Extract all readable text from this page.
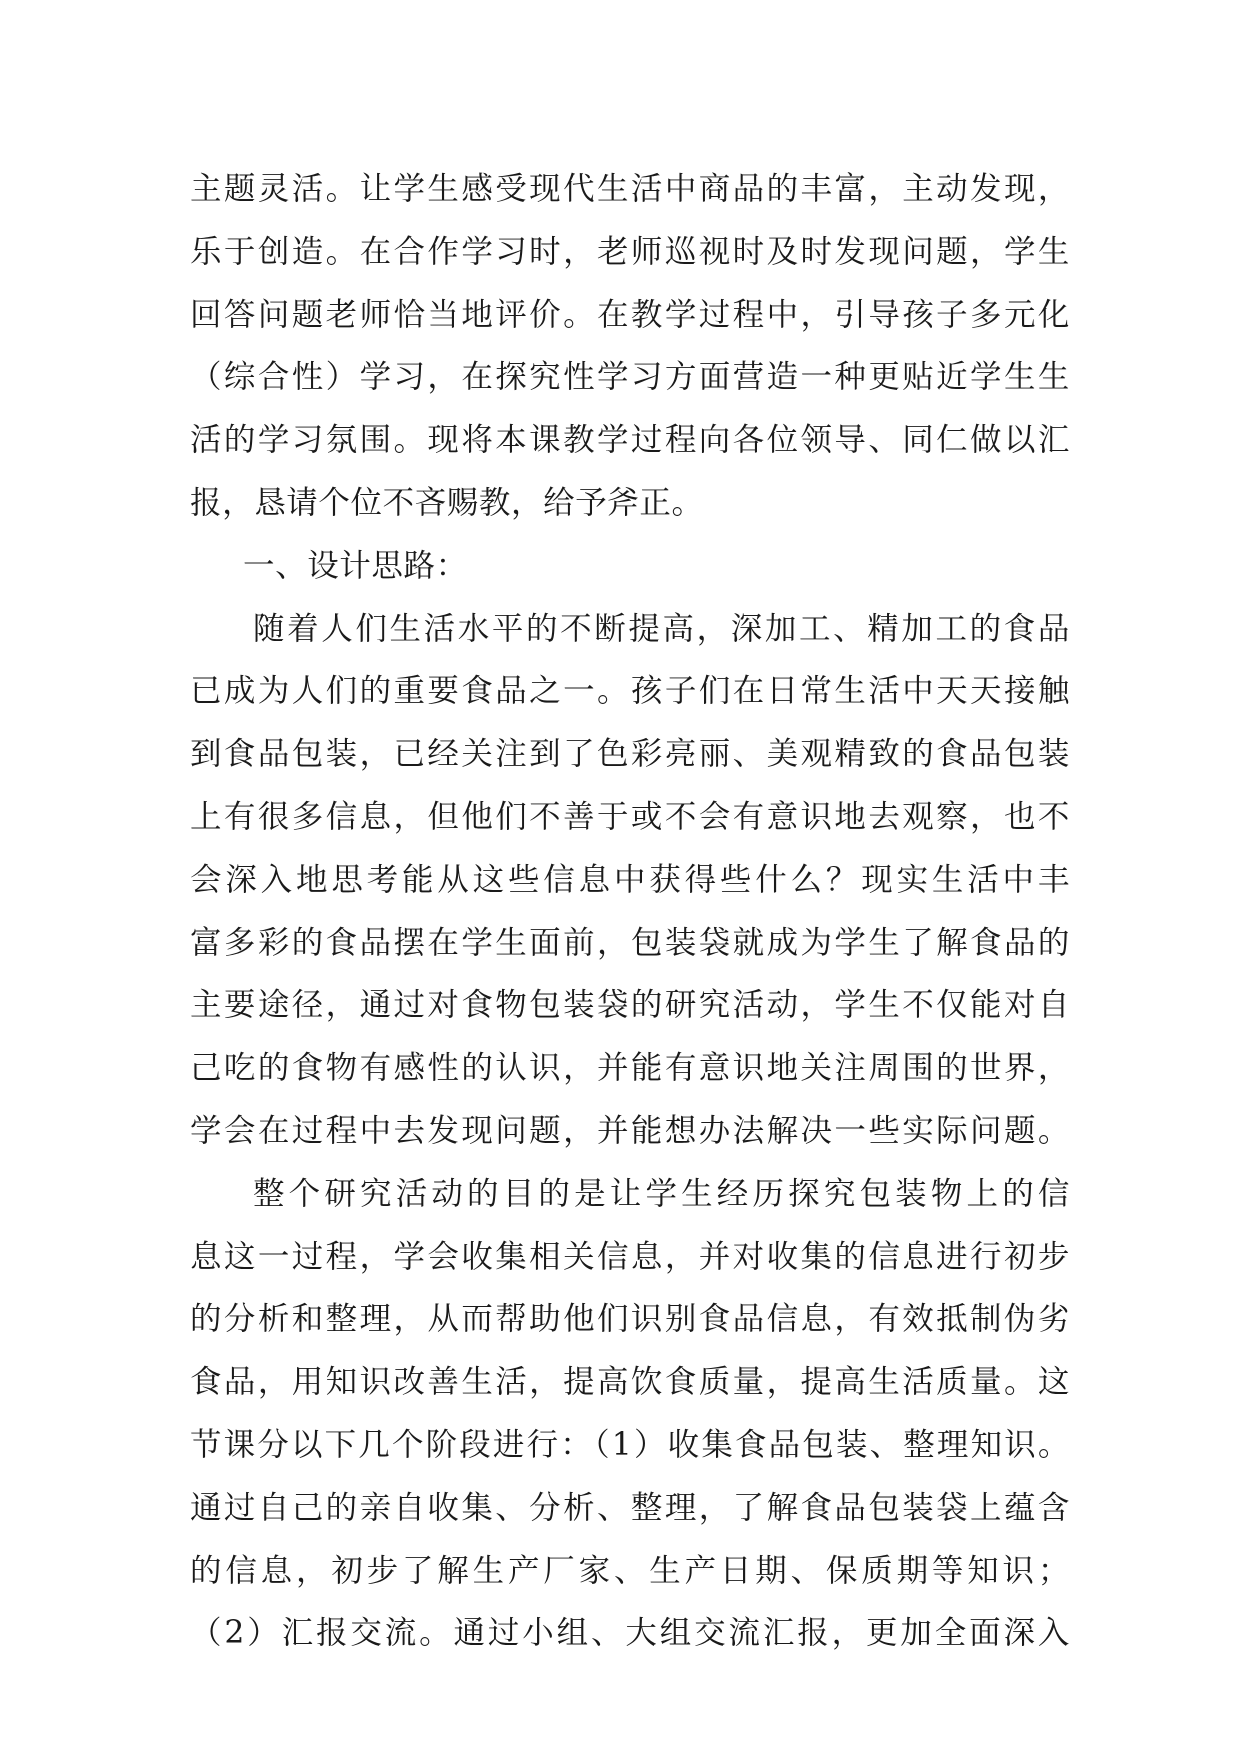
主题灵活。让学生感受现代生活中商品的丰富，主动发现，
乐于创造。在合作学习时，老师巡视时及时发现问题，学生
回答问题老师恰当地评价。在教学过程中，引导孩子多元化
（综合性）学习，在探究性学习方面营造一种更贴近学生生
活的学习氛围。现将本课教学过程向各位领导、同仁做以汇
报，恳请个位不吝赐教，给予斧正。
一、设计思路：
随着人们生活水平的不断提高，深加工、精加工的食品
已成为人们的重要食品之一。孩子们在日常生活中天天接触
到食品包装，已经关注到了色彩亮丽、美观精致的食品包装
上有很多信息，但他们不善于或不会有意识地去观察，也不
会深入地思考能从这些信息中获得些什么？现实生活中丰
富多彩的食品摆在学生面前，包装袋就成为学生了解食品的
主要途径，通过对食物包装袋的研究活动，学生不仅能对自
己吃的食物有感性的认识，并能有意识地关注周围的世界，
学会在过程中去发现问题，并能想办法解决一些实际问题。
整个研究活动的目的是让学生经历探究包装物上的信
息这一过程，学会收集相关信息，并对收集的信息进行初步
的分析和整理，从而帮助他们识别食品信息，有效抵制伪劣
食品，用知识改善生活，提高饮食质量，提高生活质量。这
节课分以下几个阶段进行：（1）收集食品包装、整理知识。
通过自己的亲自收集、分析、整理，了解食品包装袋上蕴含
的信息，初步了解生产厂家、生产日期、保质期等知识；
（2）汇报交流。通过小组、大组交流汇报，更加全面深入
